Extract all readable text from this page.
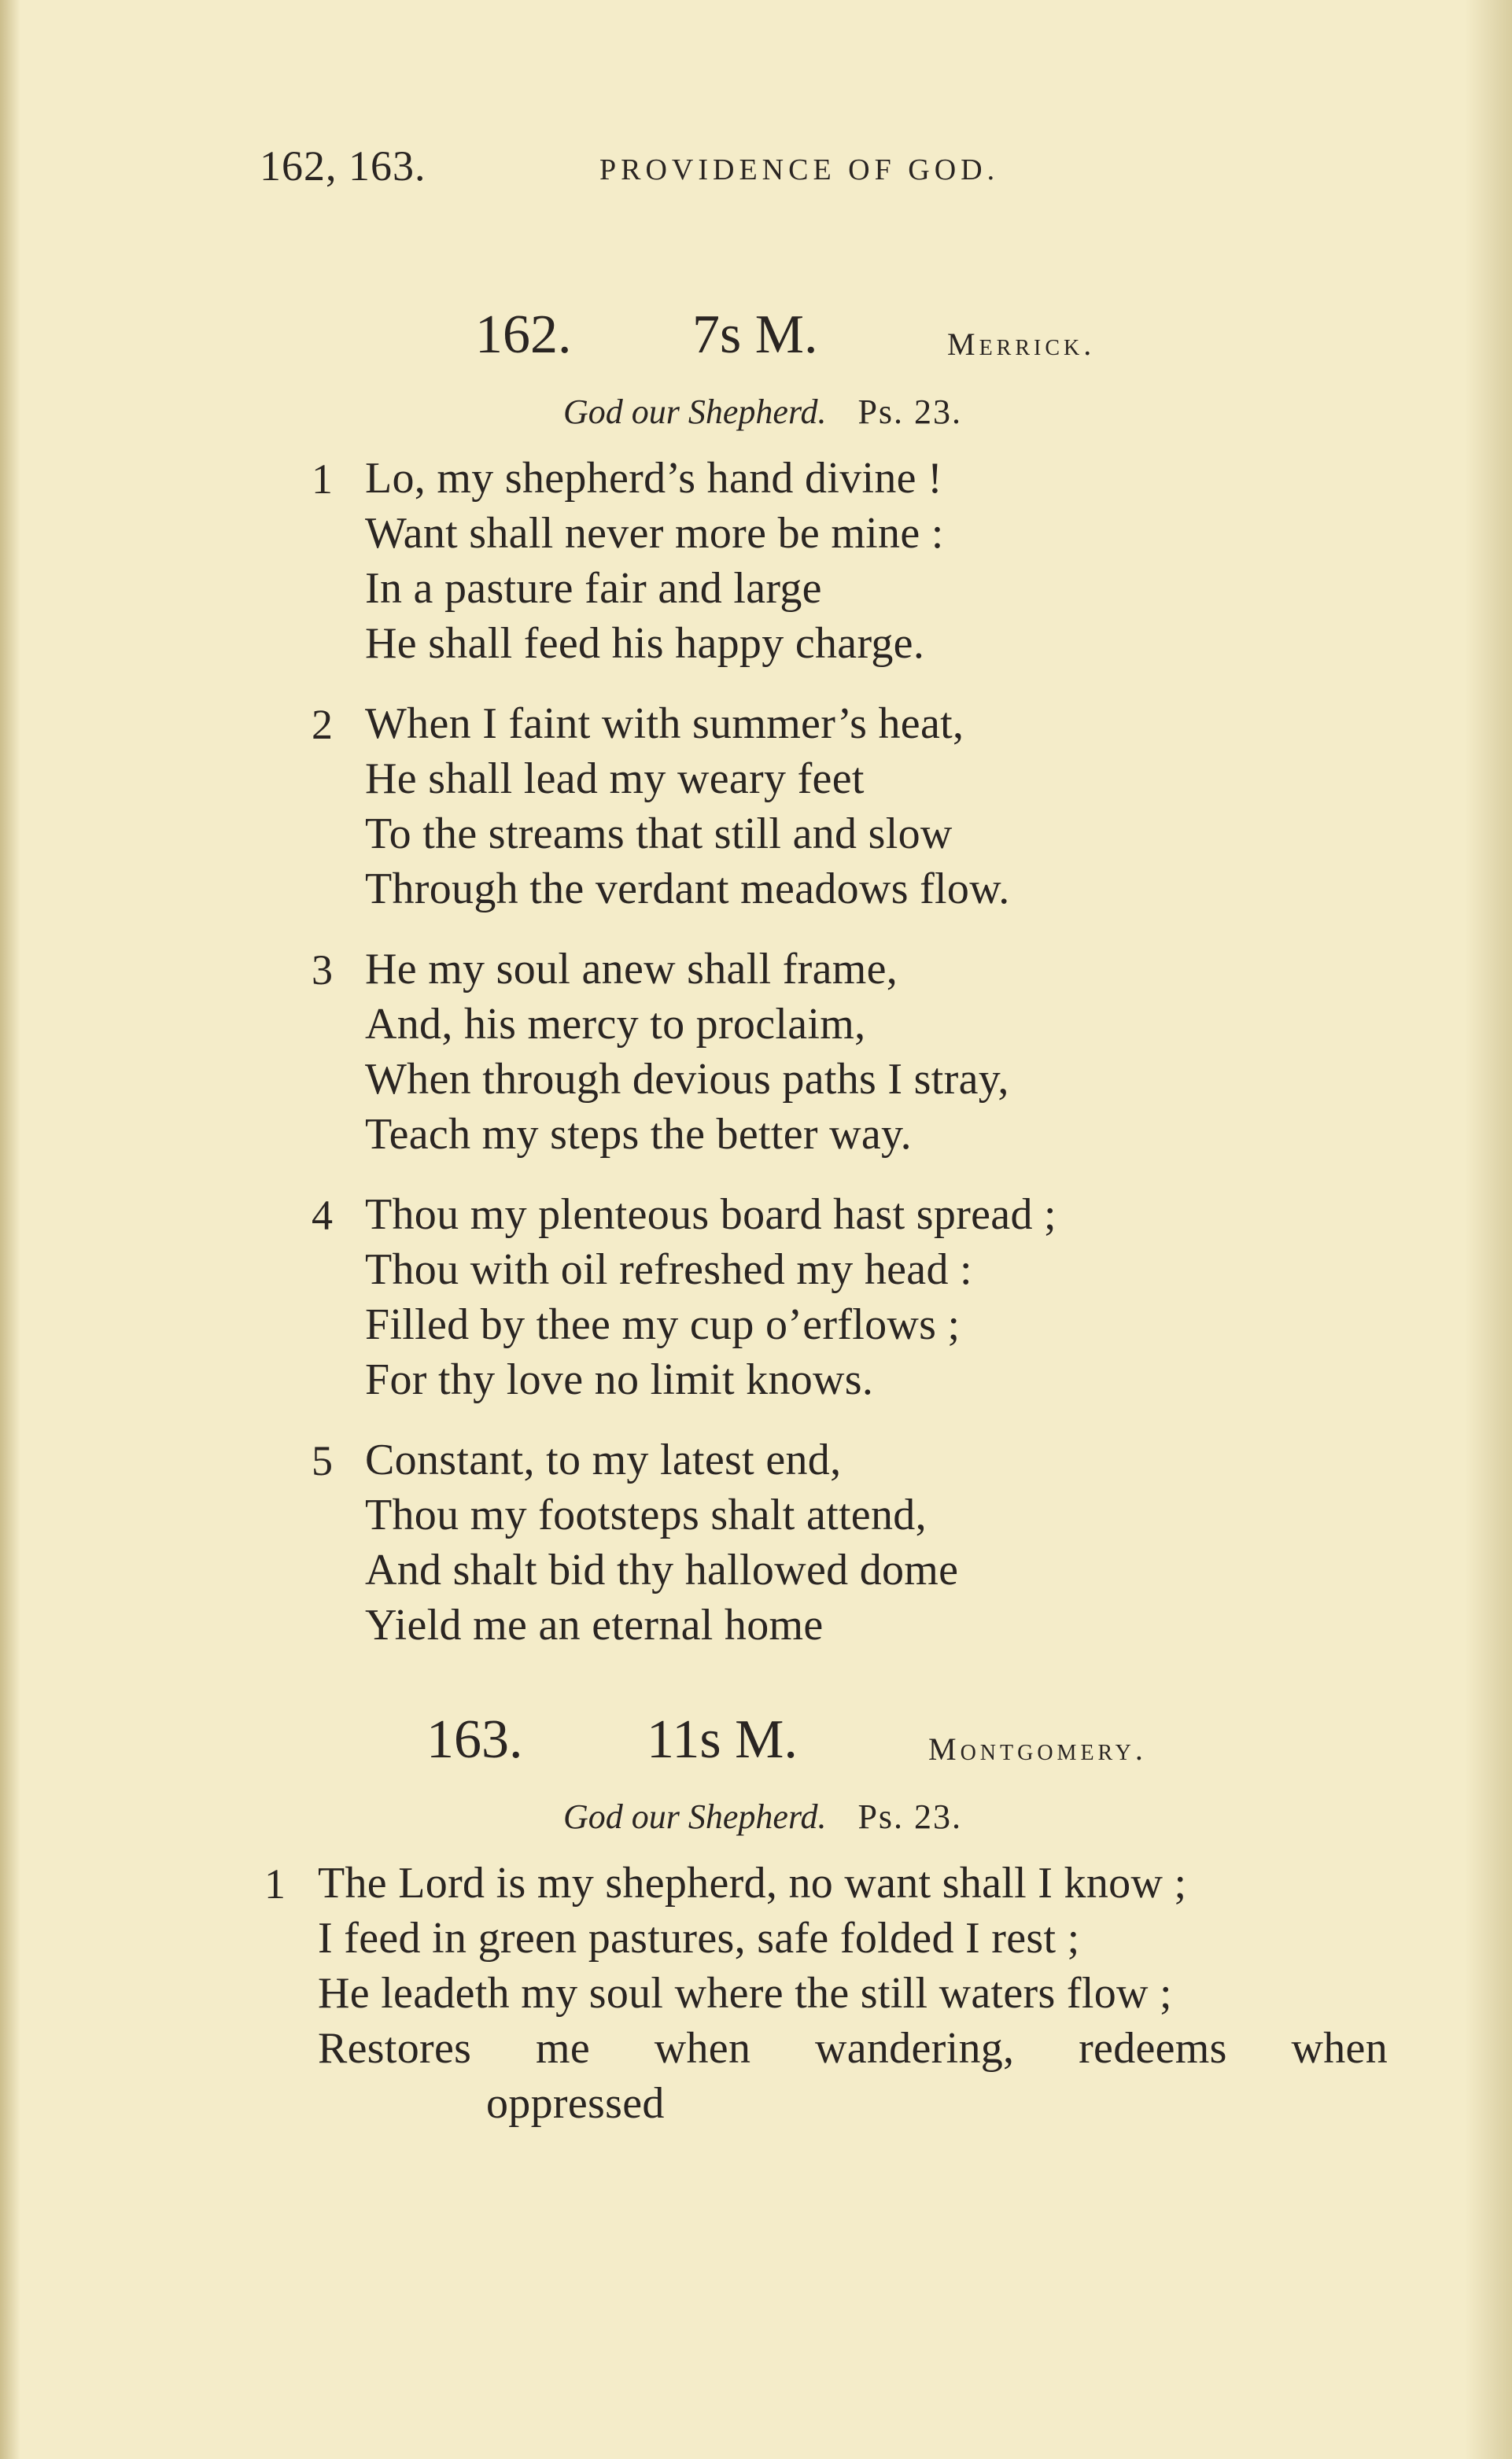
162, 163.	PROVIDENCE OF GOD.
162. 7s M.	Merrick.
God our Shepherd. Ps. 23.
1 Lo, my shepherd’s hand divine !
Want shall never more be mine :
In a pasture fair and large
He shall feed his happy charge.
2 When I faint with summer’s heat,
He shall lead my weary feet
To the streams that still and slow
Through the verdant meadows flow.
3 He my soul anew shall frame,
And, his mercy to proclaim,
When through devious paths I stray,
Teach my steps the better way.
4 Thou my plenteous board hast spread ;
Thou with oil refreshed my head :
Filled by thee my cup o’erflows ;
For thy love no limit knows.
5 Constant, to my latest end,
Thou my footsteps shalt attend,
And shalt bid thy hallowed dome
Yield me an eternal home
163. 11s M.	Montgomery.
God our Shepherd. Ps. 23.
1 The Lord is my shepherd, no want shall I know ;
I feed in green pastures, safe folded I rest ;
He leadeth my soul where the still waters flow ;
Restores me when wandering, redeems when
oppressed
